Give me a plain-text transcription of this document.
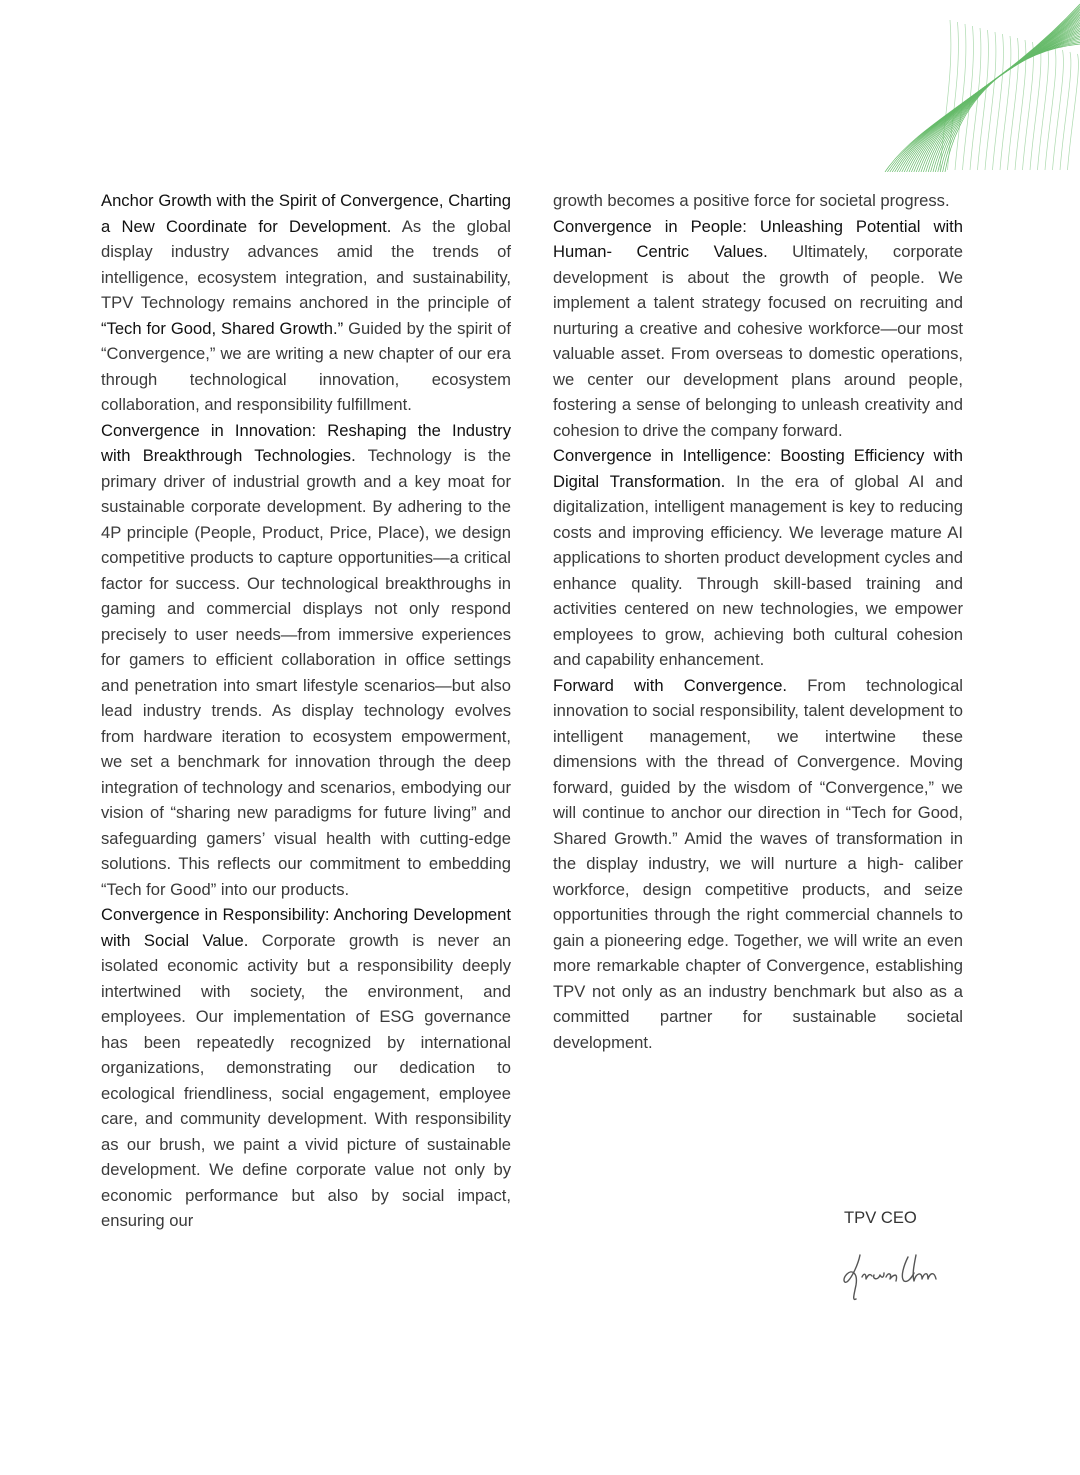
Anchor Growth with the Spirit of Convergence, Charting a New Coordinate for Development. As the global display industry advances amid the trends of intelligence, ecosystem integration, and sustainability, TPV Technology remains anchored in the principle of “Tech for Good, Shared Growth.” Guided by the spirit of “Convergence,” we are writing a new chapter of our era through technological innovation, ecosystem collaboration, and responsibility fulfillment.

Convergence in Innovation: Reshaping the Industry with Breakthrough Technologies. Technology is the primary driver of industrial growth and a key moat for sustainable corporate development. By adhering to the 4P principle (People, Product, Price, Place), we design competitive products to capture opportunities—a critical factor for success. Our technological breakthroughs in gaming and commercial displays not only respond precisely to user needs—from immersive experiences for gamers to efficient collaboration in office settings and penetration into smart lifestyle scenarios—but also lead industry trends. As display technology evolves from hardware iteration to ecosystem empowerment, we set a benchmark for innovation through the deep integration of technology and scenarios, embodying our vision of “sharing new paradigms for future living” and safeguarding gamers’ visual health with cutting-edge solutions. This reflects our commitment to embedding “Tech for Good” into our products.

Convergence in Responsibility: Anchoring Development with Social Value. Corporate growth is never an isolated economic activity but a responsibility deeply intertwined with society, the environment, and employees. Our implementation of ESG governance has been repeatedly recognized by international organizations, demonstrating our dedication to ecological friendliness, social engagement, employee care, and community development. With responsibility as our brush, we paint a vivid picture of sustainable development. We define corporate value not only by economic performance but also by social impact, ensuring our

growth becomes a positive force for societal progress.

Convergence in People: Unleashing Potential with Human- Centric Values. Ultimately, corporate development is about the growth of people. We implement a talent strategy focused on recruiting and nurturing a creative and cohesive workforce—our most valuable asset. From overseas to domestic operations, we center our development plans around people, fostering a sense of belonging to unleash creativity and cohesion to drive the company forward.

Convergence in Intelligence: Boosting Efficiency with Digital Transformation. In the era of global AI and digitalization, intelligent management is key to reducing costs and improving efficiency. We leverage mature AI applications to shorten product development cycles and enhance quality. Through skill-based training and activities centered on new technologies, we empower employees to grow, achieving both cultural cohesion and capability enhancement.

Forward with Convergence. From technological innovation to social responsibility, talent development to intelligent management, we intertwine these dimensions with the thread of Convergence. Moving forward, guided by the wisdom of “Convergence,” we will continue to anchor our direction in “Tech for Good, Shared Growth.” Amid the waves of transformation in the display industry, we will nurture a high- caliber workforce, design competitive products, and seize opportunities through the right commercial channels to gain a pioneering edge. Together, we will write an even more remarkable chapter of Convergence, establishing TPV not only as an industry benchmark but also as a committed partner for sustainable societal development.

TPV CEO
